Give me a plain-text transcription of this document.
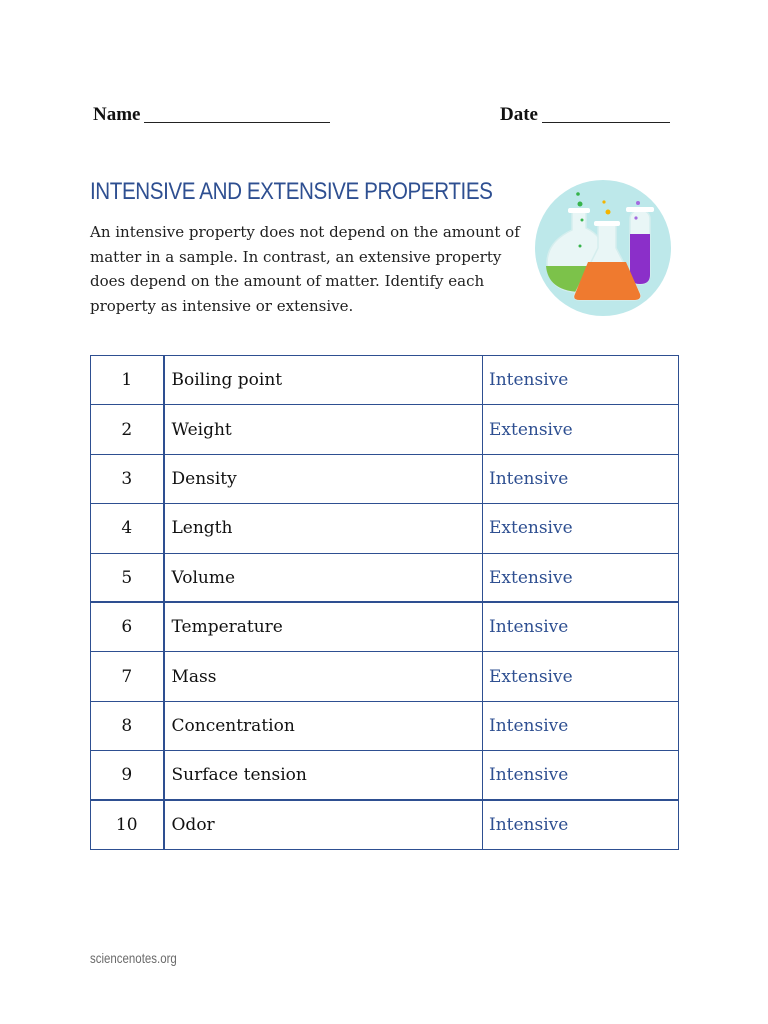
Name	Date
INTENSIVE AND EXTENSIVE PROPERTIES
An intensive property does not depend on the amount of matter in a sample. In contrast, an extensive property does depend on the amount of matter. Identify each property as intensive or extensive.
1	Boiling point	Intensive
2	Weight	Extensive
3	Density	Intensive
4	Length	Extensive
5	Volume	Extensive
6	Temperature	Intensive
7	Mass	Extensive
8	Concentration	Intensive
9	Surface tension	Intensive
10	Odor	Intensive
sciencenotes.org
